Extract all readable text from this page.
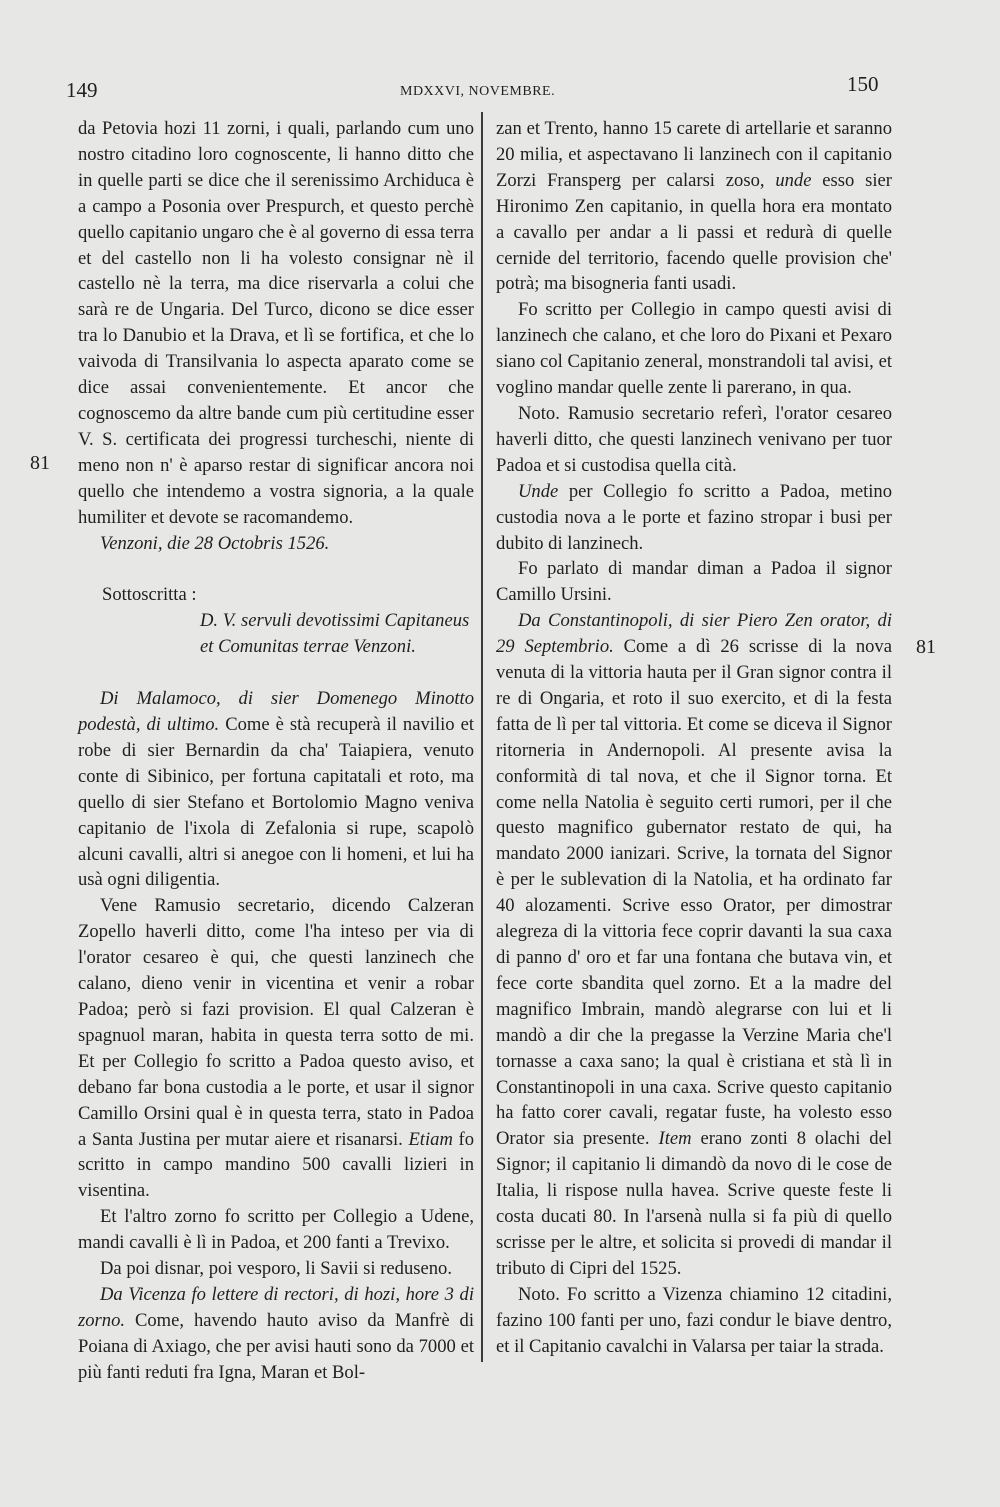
149	MDXXVI, NOVEMBRE.	150
81
81

da Petovia hozi 11 zorni, i quali, parlando cum uno nostro citadino loro cognoscente, li hanno ditto che in quelle parti se dice che il serenissimo Archiduca è a campo a Posonia over Prespurch, et questo perchè quello capitanio ungaro che è al governo di essa terra et del castello non li ha volesto consignar nè il castello nè la terra, ma dice riservarla a colui che sarà re de Ungaria. Del Turco, dicono se dice esser tra lo Danubio et la Drava, et lì se fortifica, et che lo vaivoda di Transilvania lo aspecta aparato come se dice assai convenientemente. Et ancor che cognoscemo da altre bande cum più certitudine esser V. S. certificata dei progressi turcheschi, niente di meno non n' è aparso restar di significar ancora noi quello che intendemo a vostra signoria, a la quale humiliter et devote se racomandemo.

Venzoni, die 28 Octobris 1526.

Sottoscritta :

D. V. servuli devotissimi Capitaneus et Comunitas terrae Venzoni.

Di Malamoco, di sier Domenego Minotto podestà, di ultimo. Come è stà recuperà il navilio et robe di sier Bernardin da cha' Taiapiera, venuto conte di Sibinico, per fortuna capitatali et roto, ma quello di sier Stefano et Bortolomio Magno veniva capitanio de l'ixola di Zefalonia si rupe, scapolò alcuni cavalli, altri si anegoe con li homeni, et lui ha usà ogni diligentia.

Vene Ramusio secretario, dicendo Calzeran Zopello haverli ditto, come l'ha inteso per via di l'orator cesareo è qui, che questi lanzinech che calano, dieno venir in vicentina et venir a robar Padoa; però si fazi provision. El qual Calzeran è spagnuol maran, habita in questa terra sotto de mi. Et per Collegio fo scritto a Padoa questo aviso, et debano far bona custodia a le porte, et usar il signor Camillo Orsini qual è in questa terra, stato in Padoa a Santa Justina per mutar aiere et risanarsi. Etiam fo scritto in campo mandino 500 cavalli lizieri in visentina.

Et l'altro zorno fo scritto per Collegio a Udene, mandi cavalli è lì in Padoa, et 200 fanti a Trevixo.

Da poi disnar, poi vesporo, li Savii si reduseno.

Da Vicenza fo lettere di rectori, di hozi, hore 3 di zorno. Come, havendo hauto aviso da Manfrè di Poiana di Axiago, che per avisi hauti sono da 7000 et più fanti reduti fra Igna, Maran et Bol-

zan et Trento, hanno 15 carete di artellarie et saranno 20 milia, et aspectavano li lanzinech con il capitanio Zorzi Fransperg per calarsi zoso, unde esso sier Hironimo Zen capitanio, in quella hora era montato a cavallo per andar a li passi et redurà di quelle cernide del territorio, facendo quelle provision che' potrà; ma bisogneria fanti usadi.

Fo scritto per Collegio in campo questi avisi di lanzinech che calano, et che loro do Pixani et Pexaro siano col Capitanio zeneral, monstrandoli tal avisi, et voglino mandar quelle zente li parerano, in qua.

Noto. Ramusio secretario referì, l'orator cesareo haverli ditto, che questi lanzinech venivano per tuor Padoa et si custodisa quella cità.

Unde per Collegio fo scritto a Padoa, metino custodia nova a le porte et fazino stropar i busi per dubito di lanzinech.

Fo parlato di mandar diman a Padoa il signor Camillo Ursini.

Da Constantinopoli, di sier Piero Zen orator, di 29 Septembrio. Come a dì 26 scrisse di la nova venuta di la vittoria hauta per il Gran signor contra il re di Ongaria, et roto il suo exercito, et di la festa fatta de lì per tal vittoria. Et come se diceva il Signor ritorneria in Andernopoli. Al presente avisa la conformità di tal nova, et che il Signor torna. Et come nella Natolia è seguito certi rumori, per il che questo magnifico gubernator restato de qui, ha mandato 2000 ianizari. Scrive, la tornata del Signor è per le sublevation di la Natolia, et ha ordinato far 40 alozamenti. Scrive esso Orator, per dimostrar alegreza di la vittoria fece coprir davanti la sua caxa di panno d' oro et far una fontana che butava vin, et fece corte sbandita quel zorno. Et a la madre del magnifico Imbrain, mandò alegrarse con lui et li mandò a dir che la pregasse la Verzine Maria che'l tornasse a caxa sano; la qual è cristiana et stà lì in Constantinopoli in una caxa. Scrive questo capitanio ha fatto corer cavali, regatar fuste, ha volesto esso Orator sia presente. Item erano zonti 8 olachi del Signor; il capitanio li dimandò da novo di le cose de Italia, li rispose nulla havea. Scrive queste feste li costa ducati 80. In l'arsenà nulla si fa più di quello scrisse per le altre, et solicita si provedi di mandar il tributo di Cipri del 1525.

Noto. Fo scritto a Vizenza chiamino 12 citadini, fazino 100 fanti per uno, fazi condur le biave dentro, et il Capitanio cavalchi in Valarsa per taiar la strada.
